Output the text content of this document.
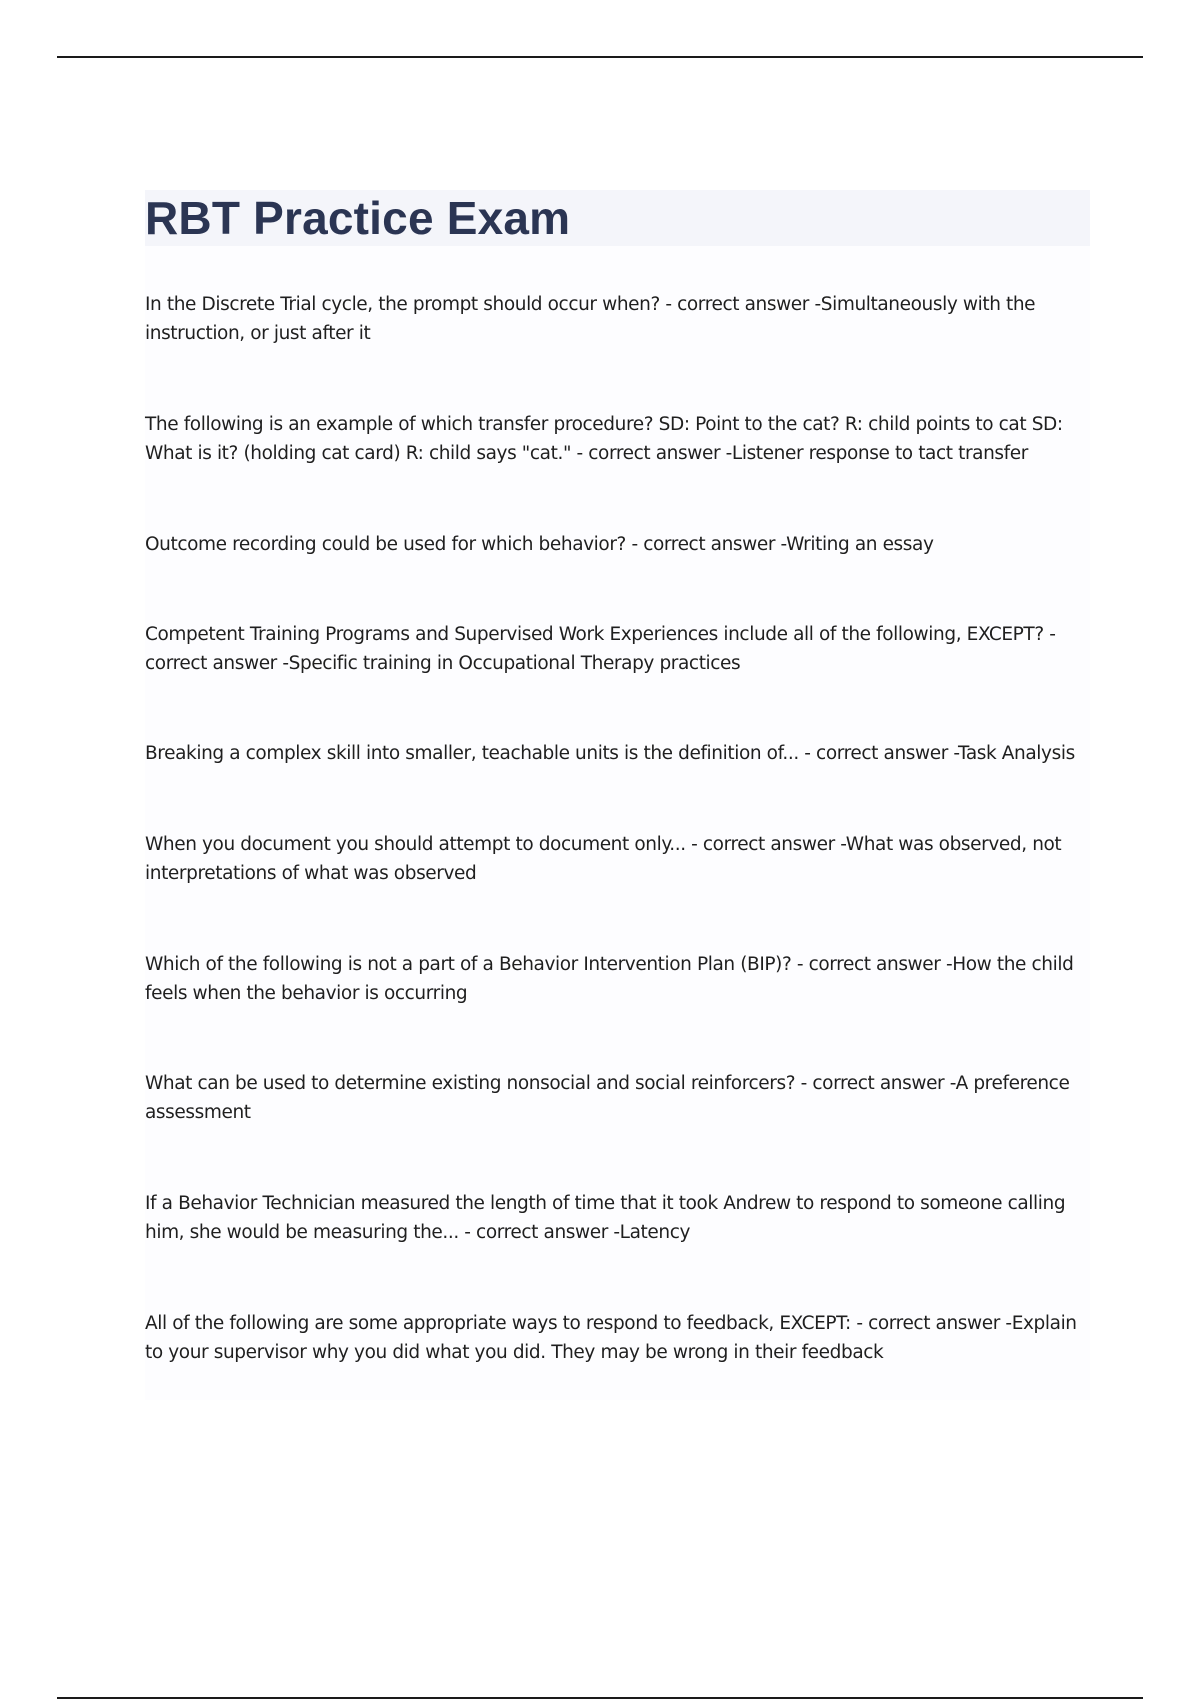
RBT Practice Exam
In the Discrete Trial cycle, the prompt should occur when? - correct answer -Simultaneously with the instruction, or just after it
The following is an example of which transfer procedure? SD: Point to the cat? R: child points to cat SD: What is it? (holding cat card) R: child says "cat." - correct answer -Listener response to tact transfer
Outcome recording could be used for which behavior? - correct answer -Writing an essay
Competent Training Programs and Supervised Work Experiences include all of the following, EXCEPT? - correct answer -Specific training in Occupational Therapy practices
Breaking a complex skill into smaller, teachable units is the definition of... - correct answer -Task Analysis
When you document you should attempt to document only... - correct answer -What was observed, not interpretations of what was observed
Which of the following is not a part of a Behavior Intervention Plan (BIP)? - correct answer -How the child feels when the behavior is occurring
What can be used to determine existing nonsocial and social reinforcers? - correct answer -A preference assessment
If a Behavior Technician measured the length of time that it took Andrew to respond to someone calling him, she would be measuring the... - correct answer -Latency
All of the following are some appropriate ways to respond to feedback, EXCEPT: - correct answer -Explain to your supervisor why you did what you did. They may be wrong in their feedback
